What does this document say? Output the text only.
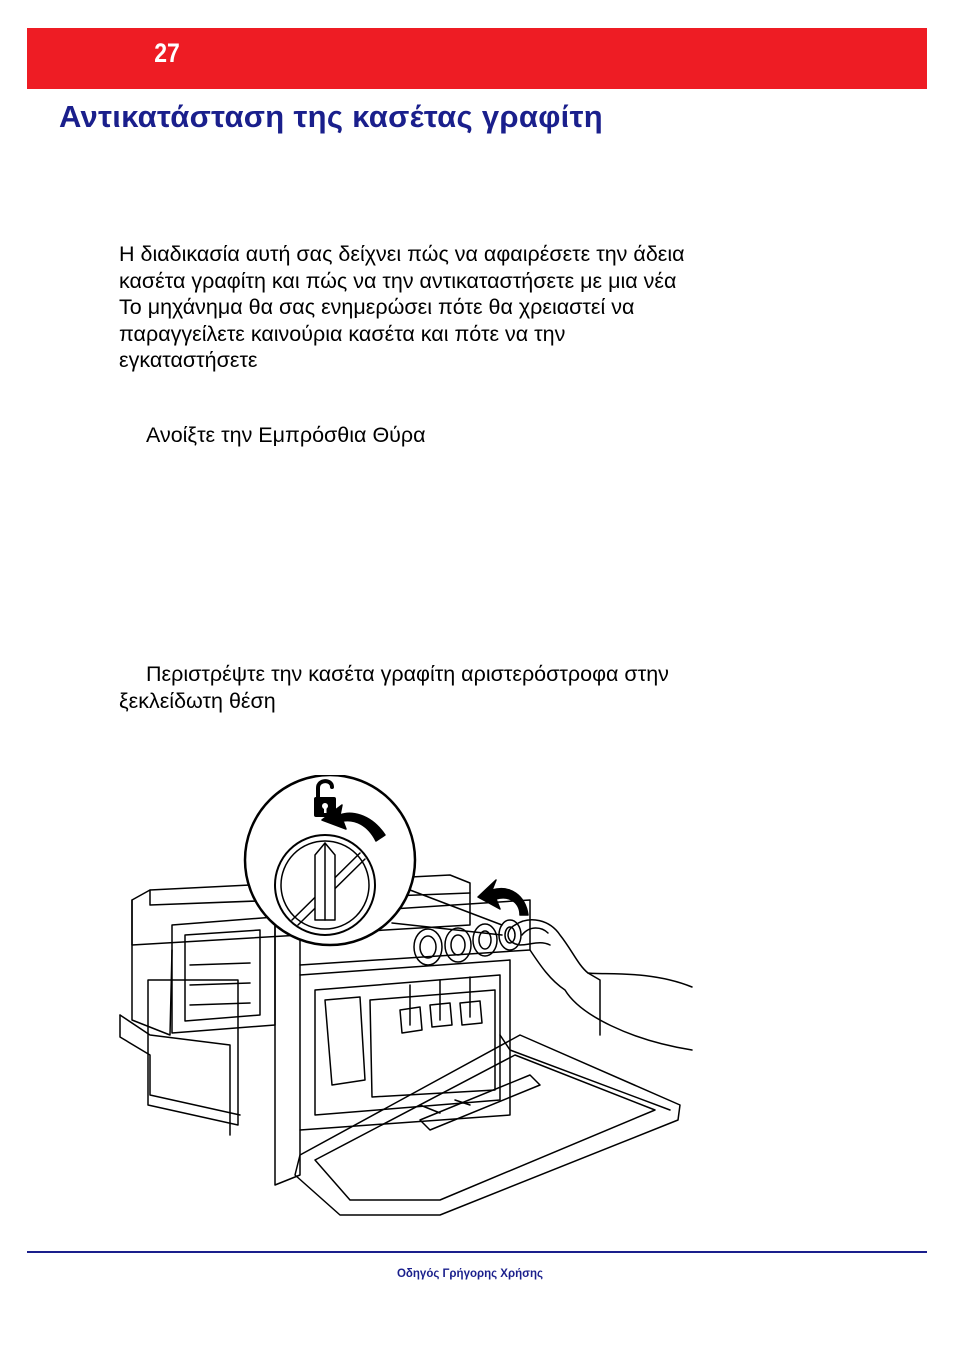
27
Αντικατάσταση της κασέτας γραφίτη
Η διαδικασία αυτή σας δείχνει πώς να αφαιρέσετε την άδεια
κασέτα γραφίτη και πώς να την αντικαταστήσετε με μια νέα
Το μηχάνημα θα σας ενημερώσει πότε θα χρειαστεί να
παραγγείλετε καινούρια κασέτα και πότε να την
εγκαταστήσετε
Ανοίξτε την Εμπρόσθια Θύρα
Περιστρέψτε την κασέτα γραφίτη αριστερόστροφα στην
ξεκλείδωτη θέση
Οδηγός Γρήγορης Χρήσης
